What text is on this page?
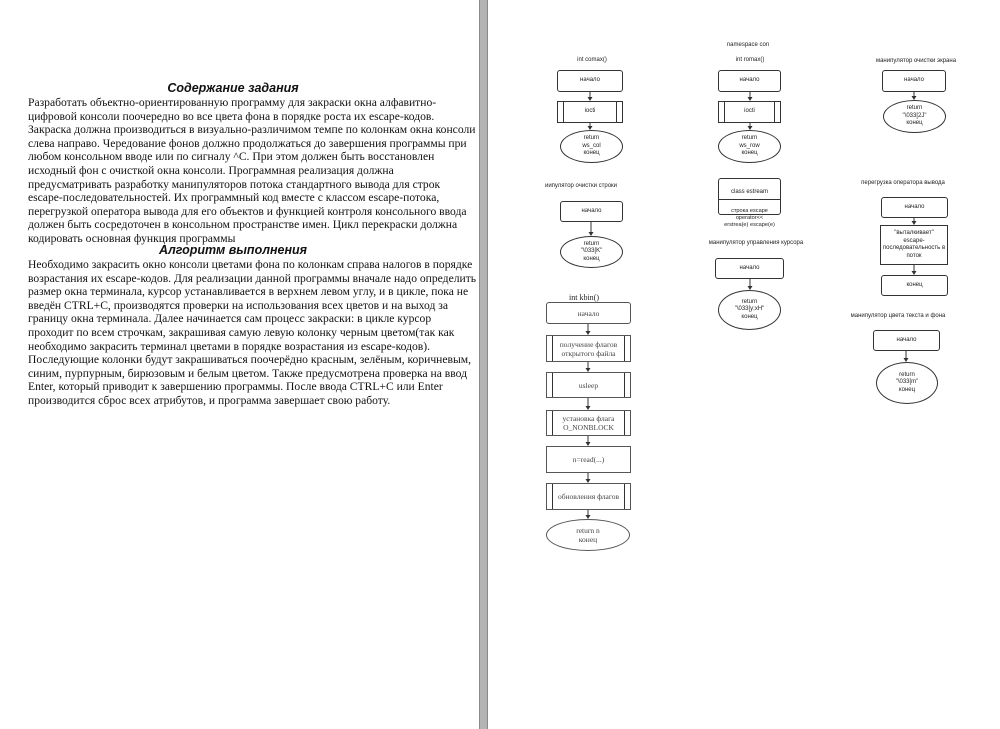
Содержание задания
Разработать объектно-ориентированную программу для закраски окна алфавитно-
цифровой консоли поочередно во все цвета фона в порядке роста их escape-кодов.
Закраска должна производиться в визуально-различимом темпе по колонкам окна консоли
слева направо. Чередование фонов должно продолжаться до завершения программы при
любом консольном вводе или по сигналу ^C. При этом должен быть восстановлен
исходный фон с очисткой окна консоли. Программная реализация должна
предусматривать разработку манипуляторов потока стандартного вывода для строк
escape-последовательностей. Их программный код вместе с классом escape-потока,
перегрузкой оператора вывода для его объектов и функцией контроля консольного ввода
должен быть сосредоточен в консольном пространстве имен. Цикл перекраски должна
кодировать основная функция программы
Алгоритм выполнения
Необходимо закрасить окно консоли цветами фона по колонкам справа налогов в порядке
возрастания их escape-кодов. Для реализации данной программы вначале надо определить
размер окна терминала, курсор устанавливается в верхнем левом углу, и в цикле, пока не
введён CTRL+C, производятся проверки на использования всех цветов и на выход за
границу окна терминала. Далее начинается сам процесс закраски: в цикле курсор
проходит по всем строчкам, закрашивая самую левую колонку черным цветом(так как
необходимо закрасить терминал цветами в порядке возрастания из escape-кодов).
Последующие колонки будут закрашиваться поочерёдно красным, зелёным, коричневым,
синим, пурпурным, бирюзовым и белым цветом. Также предусмотрена проверка на ввод
Enter, который приводит к завершению программы. После ввода CTRL+C или Enter
производится сброс всех атрибутов, и программа завершает свою работу.
namespace con
int comax()
начало
iocti
return
ws_col
конец
int romax()
начало
iocti
return
ws_row
конец
манипулятор очистки экрана
начало
return
"\033[2J"
конец
иипулятор очистки строки
начало
return
"\033[K"
конец

class estream

строка escape
operator<<
erstrea(e) escape(e)

перегрузка оператора вывода
начало
"выталкивает"
escape-
последовательность в
поток
конец
манипулятор управления курсора
начало
return
"\033[y;xH"
конец	манипулятор цвета текста и фона
начало
return
"\033[m"
конец
int kbin()
начало
получение флагов
открытого файла
usleep
установка флага
O_NONBLOCK
n=read(...)
обновления флагов
return n
конец
